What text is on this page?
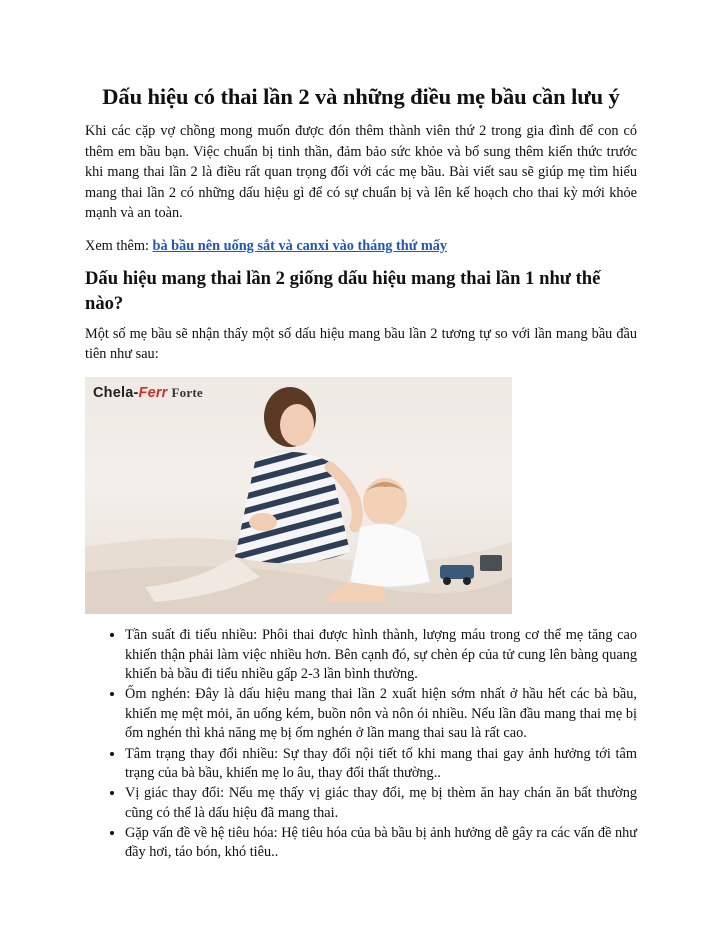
Dấu hiệu có thai lần 2 và những điều mẹ bầu cần lưu ý

Khi các cặp vợ chồng mong muốn được đón thêm thành viên thứ 2 trong gia đình để con có thêm em bầu bạn. Việc chuẩn bị tinh thần, đảm bảo sức khỏe và bổ sung thêm kiến thức trước khi mang thai lần 2 là điều rất quan trọng đối với các mẹ bầu. Bài viết sau sẽ giúp mẹ tìm hiểu mang thai lần 2 có những dấu hiệu gì để có sự chuẩn bị và lên kế hoạch cho thai kỳ mới khỏe mạnh và an toàn.

Xem thêm: bà bầu nên uống sắt và canxi vào tháng thứ mấy
Dấu hiệu mang thai lần 2 giống dấu hiệu mang thai lần 1 như thế nào?

Một số mẹ bầu sẽ nhận thấy một số dấu hiệu mang bầu lần 2 tương tự so với lần mang bầu đầu tiên như sau:

Chela-Ferr Forte
• Tần suất đi tiểu nhiều: Phôi thai được hình thành, lượng máu trong cơ thể mẹ tăng cao khiến thận phải làm việc nhiều hơn. Bên cạnh đó, sự chèn ép của tử cung lên bàng quang khiến bà bầu đi tiểu nhiều gấp 2-3 lần bình thường.
• Ốm nghén: Đây là dấu hiệu mang thai lần 2 xuất hiện sớm nhất ở hầu hết các bà bầu, khiến mẹ mệt mỏi, ăn uống kém, buồn nôn và nôn ói nhiều. Nếu lần đầu mang thai mẹ bị ốm nghén thì khả năng mẹ bị ốm nghén ở lần mang thai sau là rất cao.
• Tâm trạng thay đổi nhiều: Sự thay đổi nội tiết tố khi mang thai gay ảnh hưởng tới tâm trạng của bà bầu, khiến mẹ lo âu, thay đổi thất thường..
• Vị giác thay đổi: Nếu mẹ thấy vị giác thay đổi, mẹ bị thèm ăn hay chán ăn bất thường cũng có thể là dấu hiệu đã mang thai.
• Gặp vấn đề về hệ tiêu hóa: Hệ tiêu hóa của bà bầu bị ảnh hưởng dễ gây ra các vấn đề như đầy hơi, táo bón, khó tiêu..
